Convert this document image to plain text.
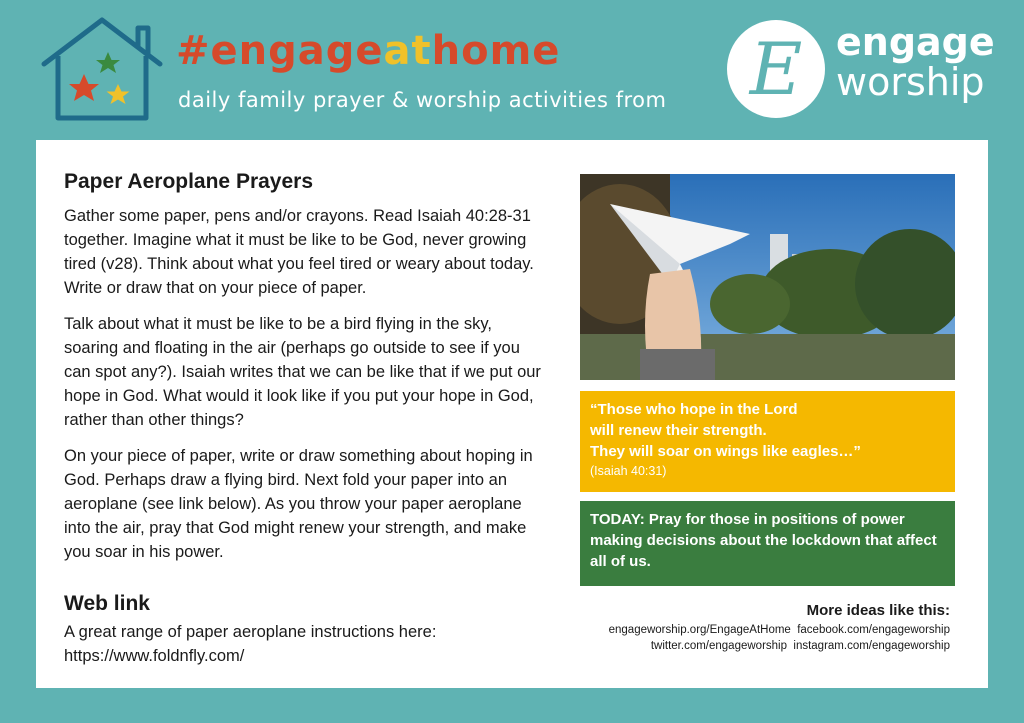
#engageathome
daily family prayer & worship activities from E engage
worship
Paper Aeroplane Prayers

Gather some paper, pens and/or crayons. Read Isaiah 40:28-31 together. Imagine what it must be like to be God, never growing tired (v28). Think about what you feel tired or weary about today. Write or draw that on your piece of paper.

Talk about what it must be like to be a bird flying in the sky, soaring and floating in the air (perhaps go outside to see if you can spot any?). Isaiah writes that we can be like that if we put our hope in God. What would it look like if you put your hope in God, rather than other things?

On your piece of paper, write or draw something about hoping in God. Perhaps draw a flying bird. Next fold your paper into an aeroplane (see link below). As you throw your paper aeroplane into the air, pray that God might renew your strength, and make you soar in his power.

Web link
A great range of paper aeroplane instructions here:
https://www.foldnfly.com/

“Those who hope in the Lord

will renew their strength.

They will soar on wings like eagles…”

(Isaiah 40:31)

TODAY: Pray for those in positions of power making decisions about the lockdown that affect all of us.
More ideas like this:
engageworship.org/EngageAtHome facebook.com/engageworship
twitter.com/engageworship instagram.com/engageworship
